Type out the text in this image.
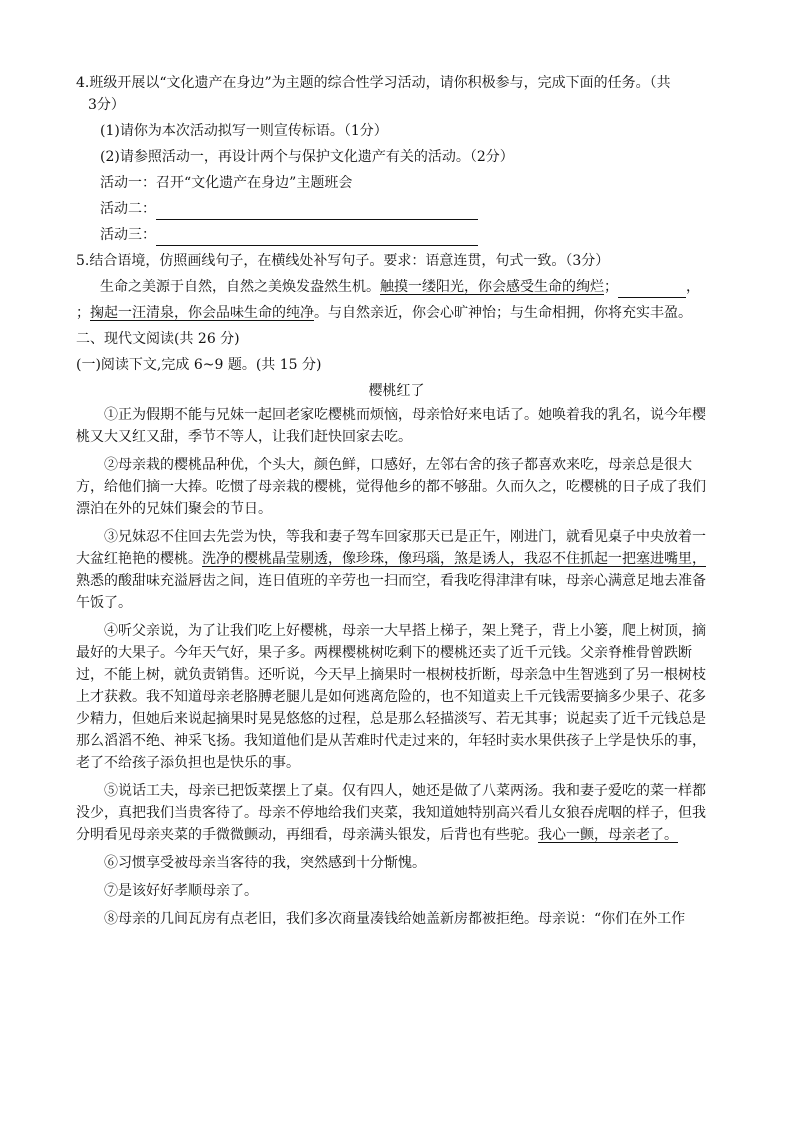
4.班级开展以“文化遗产在身边”为主题的综合性学习活动，请你积极参与，完成下面的任务。（共
3分）
(1)请你为本次活动拟写一则宣传标语。（1分）
(2)请参照活动一，再设计两个与保护文化遗产有关的活动。（2分）
活动一：召开“文化遗产在身边”主题班会
活动二：
活动三：
5.结合语境，仿照画线句子，在横线处补写句子。要求：语意连贯，句式一致。（3分）
生命之美源于自然，自然之美焕发盎然生机。触摸一缕阳光，你会感受生命的绚烂；	，
；掬起一汪清泉，你会品味生命的纯净。与自然亲近，你会心旷神怡；与生命相拥，你将充实丰盈。
二、现代文阅读(共 26 分)
(一)阅读下文,完成 6~9 题。(共 15 分)
樱桃红了
①正为假期不能与兄妹一起回老家吃樱桃而烦恼，母亲恰好来电话了。她唤着我的乳名，说今年樱桃又大又红又甜，季节不等人，让我们赶快回家去吃。
②母亲栽的樱桃品种优，个头大，颜色鲜，口感好，左邻右舍的孩子都喜欢来吃，母亲总是很大方，给他们摘一大捧。吃惯了母亲栽的樱桃，觉得他乡的都不够甜。久而久之，吃樱桃的日子成了我们漂泊在外的兄妹们聚会的节日。
③兄妹忍不住回去先尝为快，等我和妻子驾车回家那天已是正午，刚进门，就看见桌子中央放着一大盆红艳艳的樱桃。洗净的樱桃晶莹剔透，像珍珠，像玛瑙，煞是诱人，我忍不住抓起一把塞进嘴里，熟悉的酸甜味充溢唇齿之间，连日值班的辛劳也一扫而空，看我吃得津津有味，母亲心满意足地去准备午饭了。
④听父亲说，为了让我们吃上好樱桃，母亲一大早搭上梯子，架上凳子，背上小篓，爬上树顶，摘最好的大果子。今年天气好，果子多。两棵樱桃树吃剩下的樱桃还卖了近千元钱。父亲脊椎骨曾跌断过，不能上树，就负责销售。还听说，今天早上摘果时一根树枝折断，母亲急中生智逃到了另一根树枝上才获救。我不知道母亲老胳膊老腿儿是如何逃离危险的，也不知道卖上千元钱需要摘多少果子、花多少精力，但她后来说起摘果时晃晃悠悠的过程，总是那么轻描淡写、若无其事；说起卖了近千元钱总是那么滔滔不绝、神采飞扬。我知道他们是从苦难时代走过来的，年轻时卖水果供孩子上学是快乐的事，老了不给孩子添负担也是快乐的事。
⑤说话工夫，母亲已把饭菜摆上了桌。仅有四人，她还是做了八菜两汤。我和妻子爱吃的菜一样都没少，真把我们当贵客待了。母亲不停地给我们夹菜，我知道她特别高兴看儿女狼吞虎咽的样子，但我分明看见母亲夹菜的手微微颤动，再细看，母亲满头银发，后背也有些驼。我心一颤，母亲老了。
⑥习惯享受被母亲当客待的我，突然感到十分惭愧。
⑦是该好好孝顺母亲了。
⑧母亲的几间瓦房有点老旧，我们多次商量凑钱给她盖新房都被拒绝。母亲说：“你们在外工作
